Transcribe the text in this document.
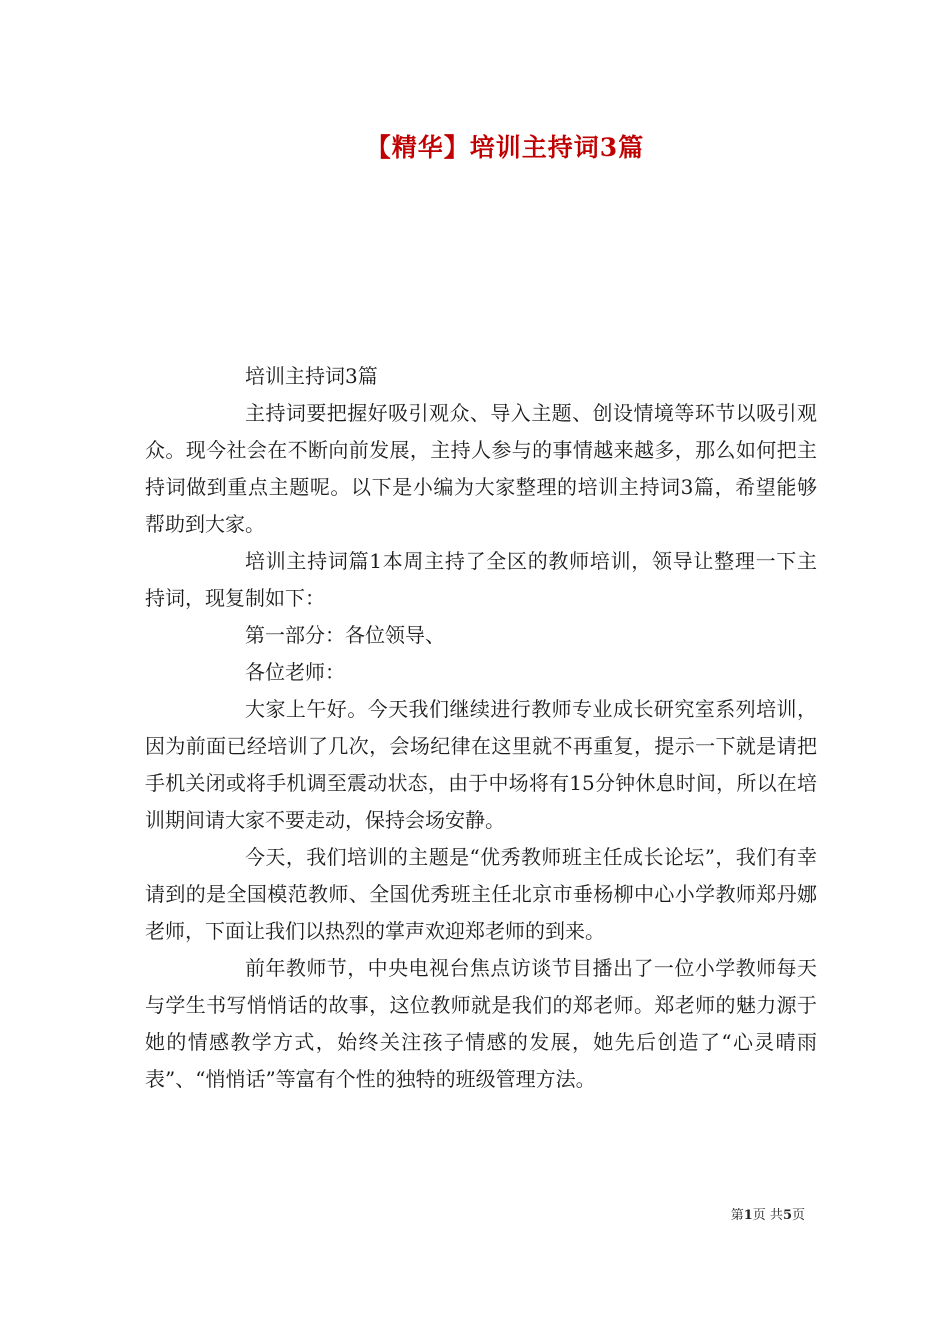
【精华】培训主持词3篇

培训主持词3篇

主持词要把握好吸引观众、导入主题、创设情境等环节以吸引观众。现今社会在不断向前发展，主持人参与的事情越来越多，那么如何把主持词做到重点主题呢。以下是小编为大家整理的培训主持词3篇，希望能够帮助到大家。

培训主持词篇1本周主持了全区的教师培训，领导让整理一下主持词，现复制如下：

第一部分：各位领导、

各位老师：

大家上午好。今天我们继续进行教师专业成长研究室系列培训，因为前面已经培训了几次，会场纪律在这里就不再重复，提示一下就是请把手机关闭或将手机调至震动状态，由于中场将有15分钟休息时间，所以在培训期间请大家不要走动，保持会场安静。

今天，我们培训的主题是“优秀教师班主任成长论坛”，我们有幸请到的是全国模范教师、全国优秀班主任北京市垂杨柳中心小学教师郑丹娜老师，下面让我们以热烈的掌声欢迎郑老师的到来。

前年教师节，中央电视台焦点访谈节目播出了一位小学教师每天与学生书写悄悄话的故事，这位教师就是我们的郑老师。郑老师的魅力源于她的情感教学方式，始终关注孩子情感的发展，她先后创造了“心灵晴雨表”、“悄悄话”等富有个性的独特的班级管理方法。

第1页 共5页
